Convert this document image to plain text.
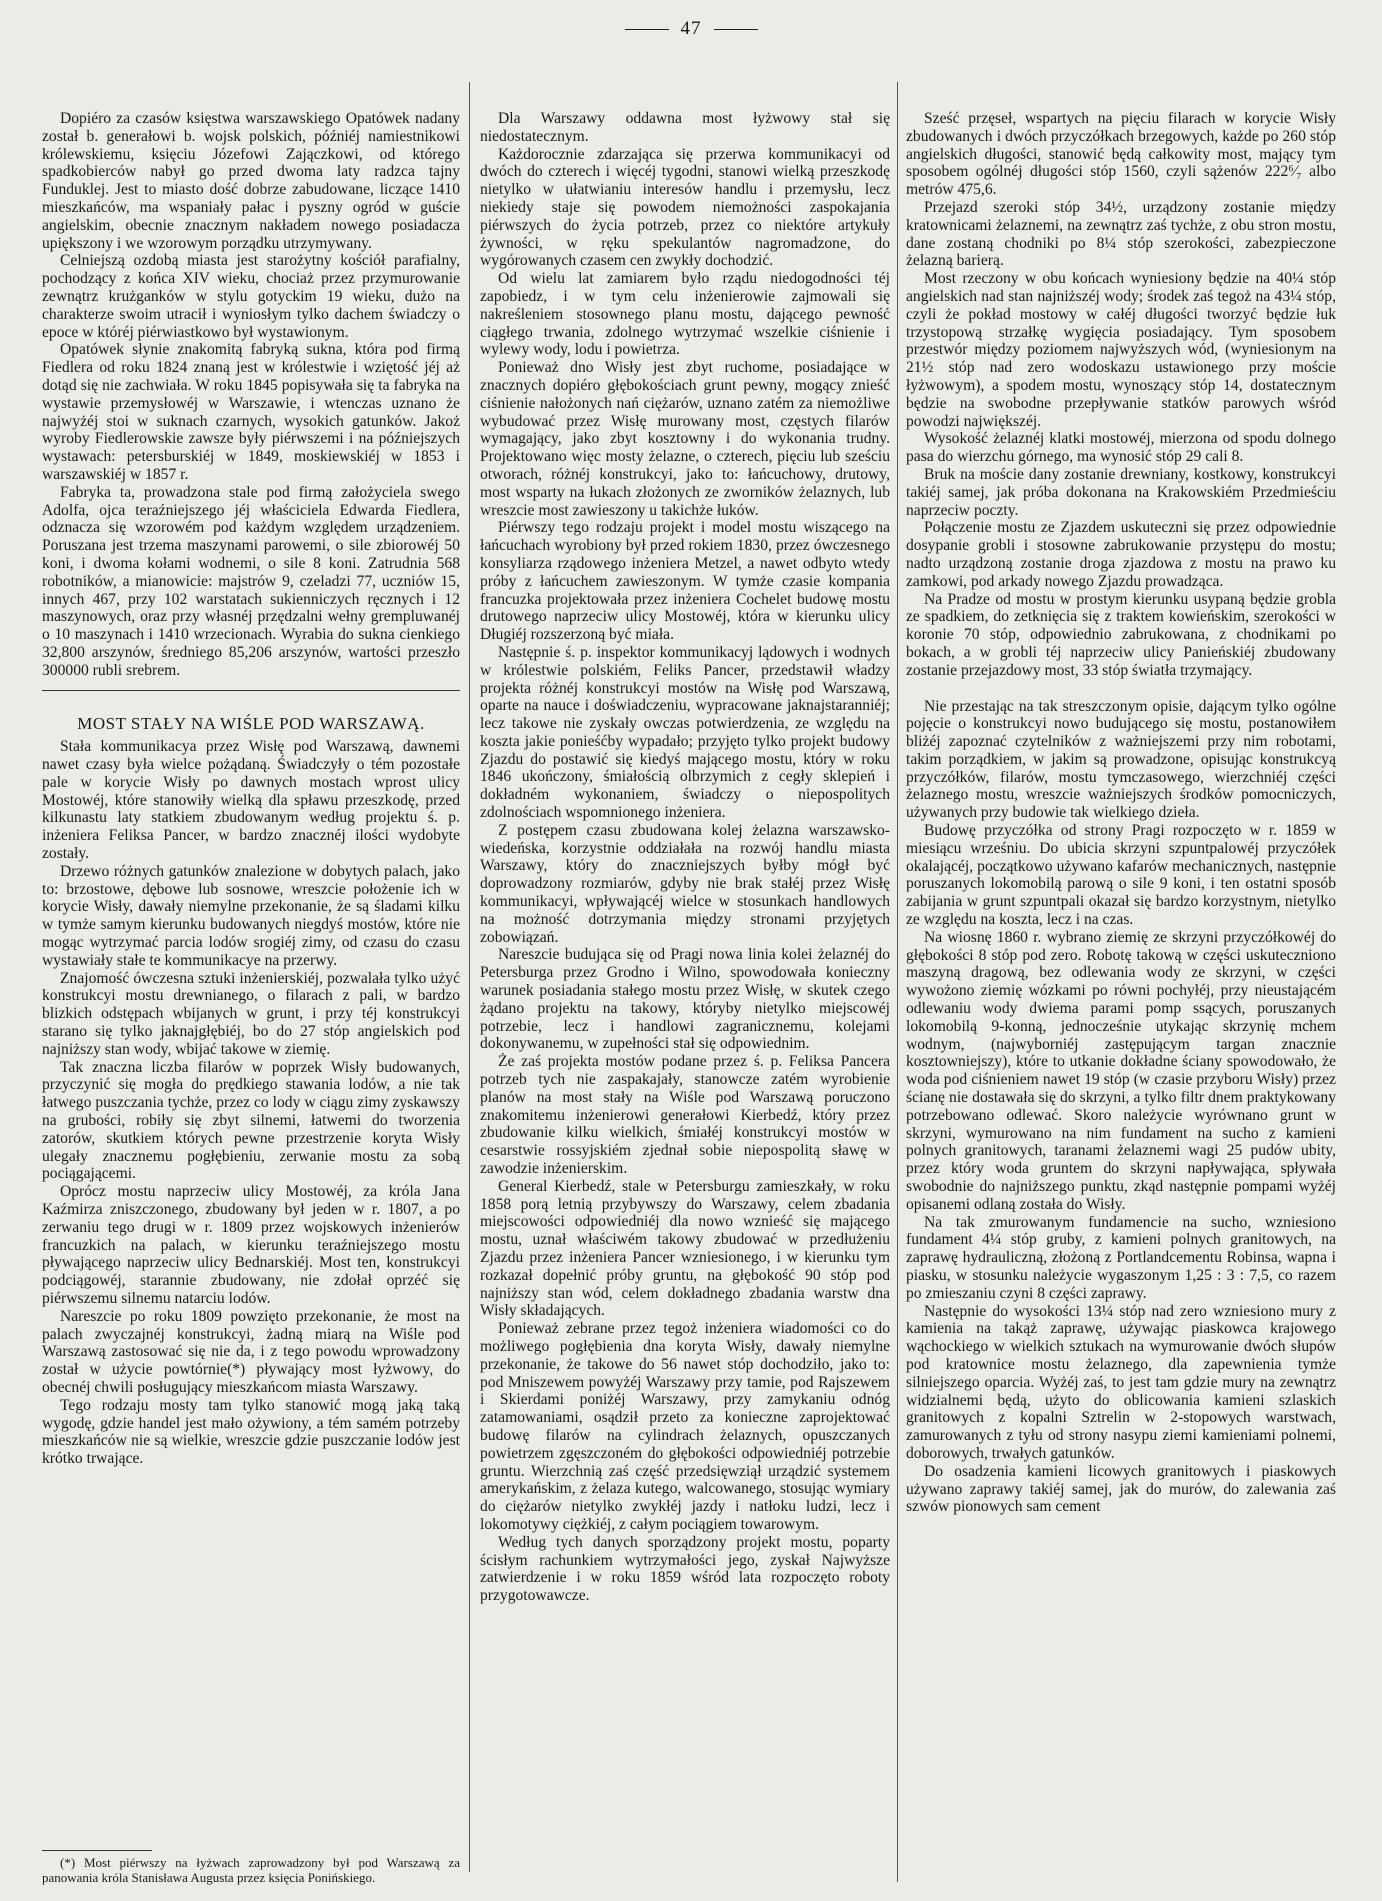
47

Dopiéro za czasów księstwa warszawskiego Opatówek nadany został b. generałowi b. wojsk polskich, późniéj namiestnikowi królewskiemu, księciu Józefowi Zajączkowi, od którego spadkobierców nabył go przed dwoma laty radzca tajny Funduklej. Jest to miasto dość dobrze zabudowane, liczące 1410 mieszkańców, ma wspaniały pałac i pyszny ogród w guście angielskim, obecnie znacznym nakładem nowego posiadacza upiększony i we wzorowym porządku utrzymywany.

Celniejszą ozdobą miasta jest starożytny kościół parafialny, pochodzący z końca XIV wieku, chociaż przez przymurowanie zewnątrz krużganków w stylu gotyckim 19 wieku, dużo na charakterze swoim utracił i wyniosłym tylko dachem świadczy o epoce w któréj piérwiastkowo był wystawionym.

Opatówek słynie znakomitą fabryką sukna, która pod firmą Fiedlera od roku 1824 znaną jest w królestwie i wziętość jéj aż dotąd się nie zachwiała. W roku 1845 popisywała się ta fabryka na wystawie przemysłowéj w Warszawie, i wtenczas uznano że najwyżéj stoi w suknach czarnych, wysokich gatunków. Jakoż wyroby Fiedlerowskie zawsze były piérwszemi i na późniejszych wystawach: petersburskiéj w 1849, moskiewskiéj w 1853 i warszawskiéj w 1857 r.

Fabryka ta, prowadzona stale pod firmą założyciela swego Adolfa, ojca teraźniejszego jéj właściciela Edwarda Fiedlera, odznacza się wzorowém pod każdym względem urządzeniem. Poruszana jest trzema maszynami parowemi, o sile zbiorowéj 50 koni, i dwoma kołami wodnemi, o sile 8 koni. Zatrudnia 568 robotników, a mianowicie: majstrów 9, czeladzi 77, uczniów 15, innych 467, przy 102 warstatach sukienniczych ręcznych i 12 maszynowych, oraz przy własnéj przędzalni wełny grempluwanéj o 10 maszynach i 1410 wrzecionach. Wyrabia do sukna cienkiego 32,800 arszynów, średniego 85,206 arszynów, wartości przeszło 300000 rubli srebrem.

MOST STAŁY NA WIŚLE POD WARSZAWĄ.

Stała kommunikacya przez Wisłę pod Warszawą, dawnemi nawet czasy była wielce pożądaną. Świadczyły o tém pozostałe pale w korycie Wisły po dawnych mostach wprost ulicy Mostowéj, które stanowiły wielką dla spławu przeszkodę, przed kilkunastu laty statkiem zbudowanym według projektu ś. p. inżeniera Feliksa Pancer, w bardzo znacznéj ilości wydobyte zostały.

Drzewo różnych gatunków znalezione w dobytych palach, jako to: brzostowe, dębowe lub sosnowe, wreszcie położenie ich w korycie Wisły, dawały niemylne przekonanie, że są śladami kilku w tymże samym kierunku budowanych niegdyś mostów, które nie mogąc wytrzymać parcia lodów srogiéj zimy, od czasu do czasu wystawiały stałe te kommunikacye na przerwy.

Znajomość ówczesna sztuki inżenierskiéj, pozwalała tylko użyć konstrukcyi mostu drewnianego, o filarach z pali, w bardzo blizkich odstępach wbijanych w grunt, i przy téj konstrukcyi starano się tylko jaknajgłębiéj, bo do 27 stóp angielskich pod najniższy stan wody, wbijać takowe w ziemię.

Tak znaczna liczba filarów w poprzek Wisły budowanych, przyczynić się mogła do prędkiego stawania lodów, a nie tak łatwego puszczania tychże, przez co lody w ciągu zimy zyskawszy na grubości, robiły się zbyt silnemi, łatwemi do tworzenia zatorów, skutkiem których pewne przestrzenie koryta Wisły ulegały znacznemu pogłębieniu, zerwanie mostu za sobą pociągającemi.

Oprócz mostu naprzeciw ulicy Mostowéj, za króla Jana Kaźmirza zniszczonego, zbudowany był jeden w r. 1807, a po zerwaniu tego drugi w r. 1809 przez wojskowych inżenierów francuzkich na palach, w kierunku teraźniejszego mostu pływającego naprzeciw ulicy Bednarskiéj. Most ten, konstrukcyi podciągowéj, starannie zbudowany, nie zdołał oprzéć się piérwszemu silnemu natarciu lodów.

Nareszcie po roku 1809 powzięto przekonanie, że most na palach zwyczajnéj konstrukcyi, żadną miarą na Wiśle pod Warszawą zastosować się nie da, i z tego powodu wprowadzony został w użycie powtórnie(*) pływający most łyżwowy, do obecnéj chwili posługujący mieszkańcom miasta Warszawy.

Tego rodzaju mosty tam tylko stanowić mogą jaką taką wygodę, gdzie handel jest mało ożywiony, a tém samém potrzeby mieszkańców nie są wielkie, wreszcie gdzie puszczanie lodów jest krótko trwające.

(*) Most piérwszy na łyżwach zaprowadzony był pod Warszawą za panowania króla Stanisława Augusta przez księcia Ponińskiego.

Dla Warszawy oddawna most łyżwowy stał się niedostatecznym.

Każdorocznie zdarzająca się przerwa kommunikacyi od dwóch do czterech i więcéj tygodni, stanowi wielką przeszkodę nietylko w ułatwianiu interesów handlu i przemysłu, lecz niekiedy staje się powodem niemożności zaspokajania piérwszych do życia potrzeb, przez co niektóre artykuły żywności, w ręku spekulantów nagromadzone, do wygórowanych czasem cen zwykły dochodzić.

Od wielu lat zamiarem było rządu niedogodności téj zapobiedz, i w tym celu inżenierowie zajmowali się nakreśleniem stosownego planu mostu, dającego pewność ciągłego trwania, zdolnego wytrzymać wszelkie ciśnienie i wylewy wody, lodu i powietrza.

Ponieważ dno Wisły jest zbyt ruchome, posiadające w znacznych dopiéro głębokościach grunt pewny, mogący znieść ciśnienie nałożonych nań ciężarów, uznano zatém za niemożliwe wybudować przez Wisłę murowany most, częstych filarów wymagający, jako zbyt kosztowny i do wykonania trudny. Projektowano więc mosty żelazne, o czterech, pięciu lub sześciu otworach, różnéj konstrukcyi, jako to: łańcuchowy, drutowy, most wsparty na łukach złożonych ze zworników żelaznych, lub wreszcie most zawieszony u takichże łuków.

Piérwszy tego rodzaju projekt i model mostu wiszącego na łańcuchach wyrobiony był przed rokiem 1830, przez ówczesnego konsyliarza rządowego inżeniera Metzel, a nawet odbyto wtedy próby z łańcuchem zawieszonym. W tymże czasie kompania francuzka projektowała przez inżeniera Cochelet budowę mostu drutowego naprzeciw ulicy Mostowéj, która w kierunku ulicy Długiéj rozszerzoną być miała.

Następnie ś. p. inspektor kommunikacyj lądowych i wodnych w królestwie polskiém, Feliks Pancer, przedstawił władzy projekta różnéj konstrukcyi mostów na Wisłę pod Warszawą, oparte na nauce i doświadczeniu, wypracowane jaknajstaranniéj; lecz takowe nie zyskały owczas potwierdzenia, ze względu na koszta jakie ponieśćby wypadało; przyjęto tylko projekt budowy Zjazdu do postawić się kiedyś mającego mostu, który w roku 1846 ukończony, śmiałością olbrzymich z cegły sklepień i dokładném wykonaniem, świadczy o niepospolitych zdolnościach wspomnionego inżeniera.

Z postępem czasu zbudowana kolej żelazna warszawsko-wiedeńska, korzystnie oddziałała na rozwój handlu miasta Warszawy, który do znaczniejszych byłby mógł być doprowadzony rozmiarów, gdyby nie brak stałéj przez Wisłę kommunikacyi, wpływającéj wielce w stosunkach handlowych na możność dotrzymania między stronami przyjętych zobowiązań.

Nareszcie budująca się od Pragi nowa linia kolei żelaznéj do Petersburga przez Grodno i Wilno, spowodowała konieczny warunek posiadania stałego mostu przez Wisłę, w skutek czego żądano projektu na takowy, któryby nietylko miejscowéj potrzebie, lecz i handlowi zagranicznemu, kolejami dokonywanemu, w zupełności stał się odpowiednim.

Że zaś projekta mostów podane przez ś. p. Feliksa Pancera potrzeb tych nie zaspakajały, stanowcze zatém wyrobienie planów na most stały na Wiśle pod Warszawą poruczono znakomitemu inżenierowi generałowi Kierbedź, który przez zbudowanie kilku wielkich, śmiałéj konstrukcyi mostów w cesarstwie rossyjskiém zjednał sobie niepospolitą sławę w zawodzie inżenierskim.

General Kierbedź, stale w Petersburgu zamieszkały, w roku 1858 porą letnią przybywszy do Warszawy, celem zbadania miejscowości odpowiedniéj dla nowo wznieść się mającego mostu, uznał właściwém takowy zbudować w przedłużeniu Zjazdu przez inżeniera Pancer wzniesionego, i w kierunku tym rozkazał dopełnić próby gruntu, na głębokość 90 stóp pod najniższy stan wód, celem dokładnego zbadania warstw dna Wisły składających.

Ponieważ zebrane przez tegoż inżeniera wiadomości co do możliwego pogłębienia dna koryta Wisły, dawały niemylne przekonanie, że takowe do 56 nawet stóp dochodziło, jako to: pod Mniszewem powyżéj Warszawy przy tamie, pod Rajszewem i Skierdami poniżéj Warszawy, przy zamykaniu odnóg zatamowaniami, osądził przeto za konieczne zaprojektować budowę filarów na cylindrach żelaznych, opuszczanych powietrzem zgęszczoném do głębokości odpowiedniéj potrzebie gruntu. Wierzchnią zaś część przedsięwziął urządzić systemem amerykańskim, z żelaza kutego, walcowanego, stosując wymiary do ciężarów nietylko zwykłéj jazdy i natłoku ludzi, lecz i lokomotywy ciężkiéj, z całym pociągiem towarowym.

Według tych danych sporządzony projekt mostu, poparty ścisłym rachunkiem wytrzymałości jego, zyskał Najwyższe zatwierdzenie i w roku 1859 wśród lata rozpoczęto roboty przygotowawcze.

Sześć przęseł, wspartych na pięciu filarach w korycie Wisły zbudowanych i dwóch przyczółkach brzegowych, każde po 260 stóp angielskich długości, stanowić będą całkowity most, mający tym sposobem ogólnéj długości stóp 1560, czyli sążenów 222⁶⁄₇ albo metrów 475,6.

Przejazd szeroki stóp 34½, urządzony zostanie między kratownicami żelaznemi, na zewnątrz zaś tychże, z obu stron mostu, dane zostaną chodniki po 8¼ stóp szerokości, zabezpieczone żelazną barierą.

Most rzeczony w obu końcach wyniesiony będzie na 40¼ stóp angielskich nad stan najniższéj wody; środek zaś tegoż na 43¼ stóp, czyli że pokład mostowy w całéj długości tworzyć będzie łuk trzystopową strzałkę wygięcia posiadający. Tym sposobem przestwór między poziomem najwyższych wód, (wyniesionym na 21½ stóp nad zero wodoskazu ustawionego przy moście łyżwowym), a spodem mostu, wynoszący stóp 14, dostatecznym będzie na swobodne przepływanie statków parowych wśród powodzi największéj.

Wysokość żelaznéj klatki mostowéj, mierzona od spodu dolnego pasa do wierzchu górnego, ma wynosić stóp 29 cali 8.

Bruk na moście dany zostanie drewniany, kostkowy, konstrukcyi takiéj samej, jak próba dokonana na Krakowskiém Przedmieściu naprzeciw poczty.

Połączenie mostu ze Zjazdem uskuteczni się przez odpowiednie dosypanie grobli i stosowne zabrukowanie przystępu do mostu; nadto urządzoną zostanie droga zjazdowa z mostu na prawo ku zamkowi, pod arkady nowego Zjazdu prowadząca.

Na Pradze od mostu w prostym kierunku usypaną będzie grobla ze spadkiem, do zetknięcia się z traktem kowieńskim, szerokości w koronie 70 stóp, odpowiednio zabrukowana, z chodnikami po bokach, a w grobli téj naprzeciw ulicy Panieńskiéj zbudowany zostanie przejazdowy most, 33 stóp światła trzymający.

Nie przestając na tak streszczonym opisie, dającym tylko ogólne pojęcie o konstrukcyi nowo budującego się mostu, postanowiłem bliżéj zapoznać czytelników z ważniejszemi przy nim robotami, takim porządkiem, w jakim są prowadzone, opisując konstrukcyą przyczółków, filarów, mostu tymczasowego, wierzchniéj części żelaznego mostu, wreszcie ważniejszych środków pomocniczych, używanych przy budowie tak wielkiego dzieła.

Budowę przyczółka od strony Pragi rozpoczęto w r. 1859 w miesiącu wrześniu. Do ubicia skrzyni szpuntpalowéj przyczółek okalającéj, początkowo używano kafarów mechanicznych, następnie poruszanych lokomobilą parową o sile 9 koni, i ten ostatni sposób zabijania w grunt szpuntpali okazał się bardzo korzystnym, nietylko ze względu na koszta, lecz i na czas.

Na wiosnę 1860 r. wybrano ziemię ze skrzyni przyczółkowéj do głębokości 8 stóp pod zero. Robotę takową w części uskuteczniono maszyną dragową, bez odlewania wody ze skrzyni, w części wywożono ziemię wózkami po równi pochyłéj, przy nieustającém odlewaniu wody dwiema parami pomp ssących, poruszanych lokomobilą 9-konną, jednocześnie utykając skrzynię mchem wodnym, (najwyborniéj zastępującym targan znacznie kosztowniejszy), które to utkanie dokładne ściany spowodowało, że woda pod ciśnieniem nawet 19 stóp (w czasie przyboru Wisły) przez ścianę nie dostawała się do skrzyni, a tylko filtr dnem praktykowany potrzebowano odlewać. Skoro należycie wyrównano grunt w skrzyni, wymurowano na nim fundament na sucho z kamieni polnych granitowych, taranami żelaznemi wagi 25 pudów ubity, przez który woda gruntem do skrzyni napływająca, spływała swobodnie do najniższego punktu, zkąd następnie pompami wyżéj opisanemi odlaną została do Wisły.

Na tak zmurowanym fundamencie na sucho, wzniesiono fundament 4¼ stóp gruby, z kamieni polnych granitowych, na zaprawę hydrauliczną, złożoną z Portlandcementu Robinsa, wapna i piasku, w stosunku należycie wygaszonym 1,25 : 3 : 7,5, co razem po zmieszaniu czyni 8 części zaprawy.

Następnie do wysokości 13¼ stóp nad zero wzniesiono mury z kamienia na takąż zaprawę, używając piaskowca krajowego wąchockiego w wielkich sztukach na wymurowanie dwóch słupów pod kratownice mostu żelaznego, dla zapewnienia tymże silniejszego oparcia. Wyżéj zaś, to jest tam gdzie mury na zewnątrz widzialnemi będą, użyto do oblicowania kamieni szlaskich granitowych z kopalni Sztrelin w 2-stopowych warstwach, zamurowanych z tyłu od strony nasypu ziemi kamieniami polnemi, doborowych, trwałych gatunków.

Do osadzenia kamieni licowych granitowych i piaskowych używano zaprawy takiéj samej, jak do murów, do zalewania zaś szwów pionowych sam cement
